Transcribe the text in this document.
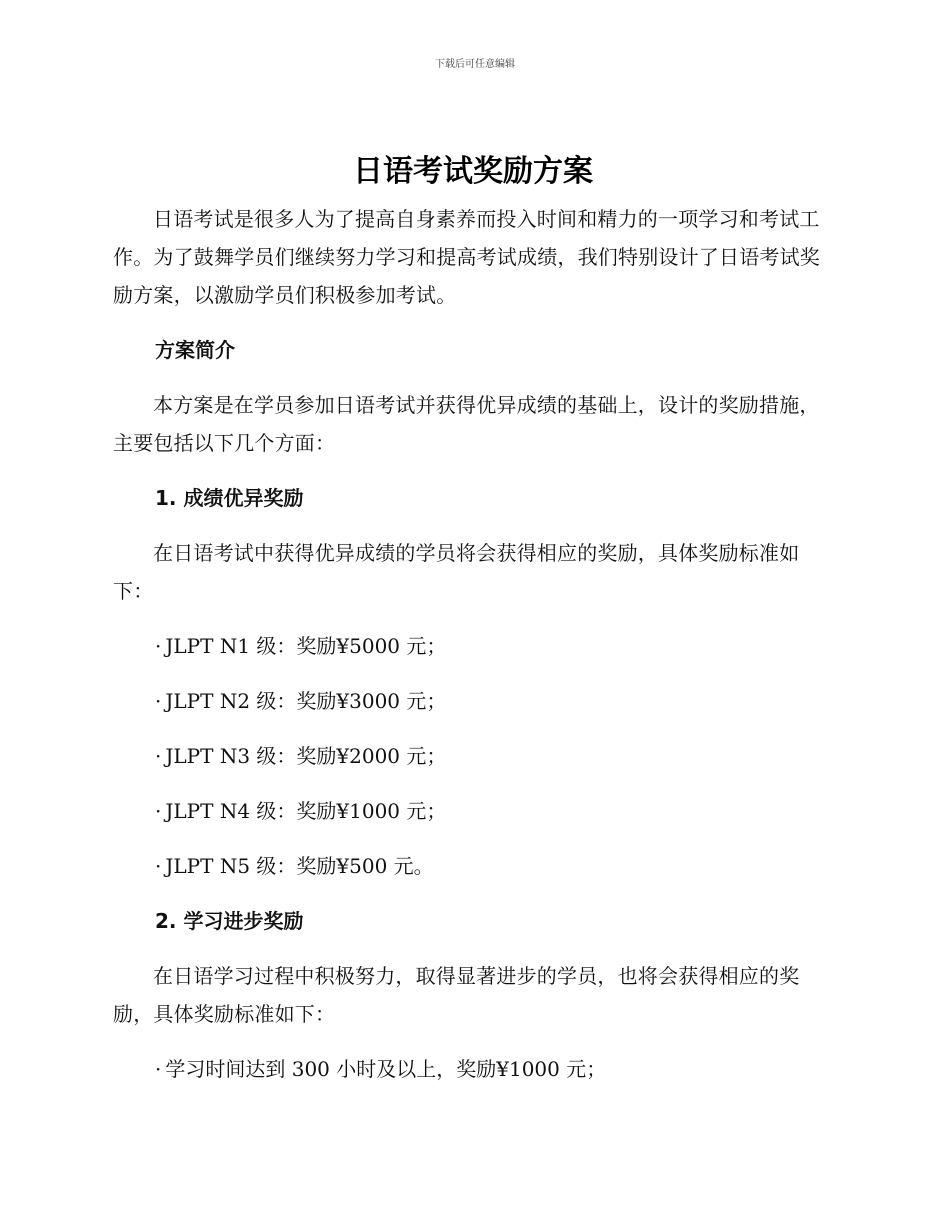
下载后可任意编辑
日语考试奖励方案

日语考试是很多人为了提高自身素养而投入时间和精力的一项学习和考试工作。为了鼓舞学员们继续努力学习和提高考试成绩，我们特别设计了日语考试奖励方案，以激励学员们积极参加考试。

方案简介

本方案是在学员参加日语考试并获得优异成绩的基础上，设计的奖励措施，主要包括以下几个方面：

1. 成绩优异奖励

在日语考试中获得优异成绩的学员将会获得相应的奖励，具体奖励标准如下：

· JLPT N1 级：奖励¥5000 元；
· JLPT N2 级：奖励¥3000 元；
· JLPT N3 级：奖励¥2000 元；
· JLPT N4 级：奖励¥1000 元；
· JLPT N5 级：奖励¥500 元。
2. 学习进步奖励

在日语学习过程中积极努力，取得显著进步的学员，也将会获得相应的奖励，具体奖励标准如下：

· 学习时间达到 300 小时及以上，奖励¥1000 元；
